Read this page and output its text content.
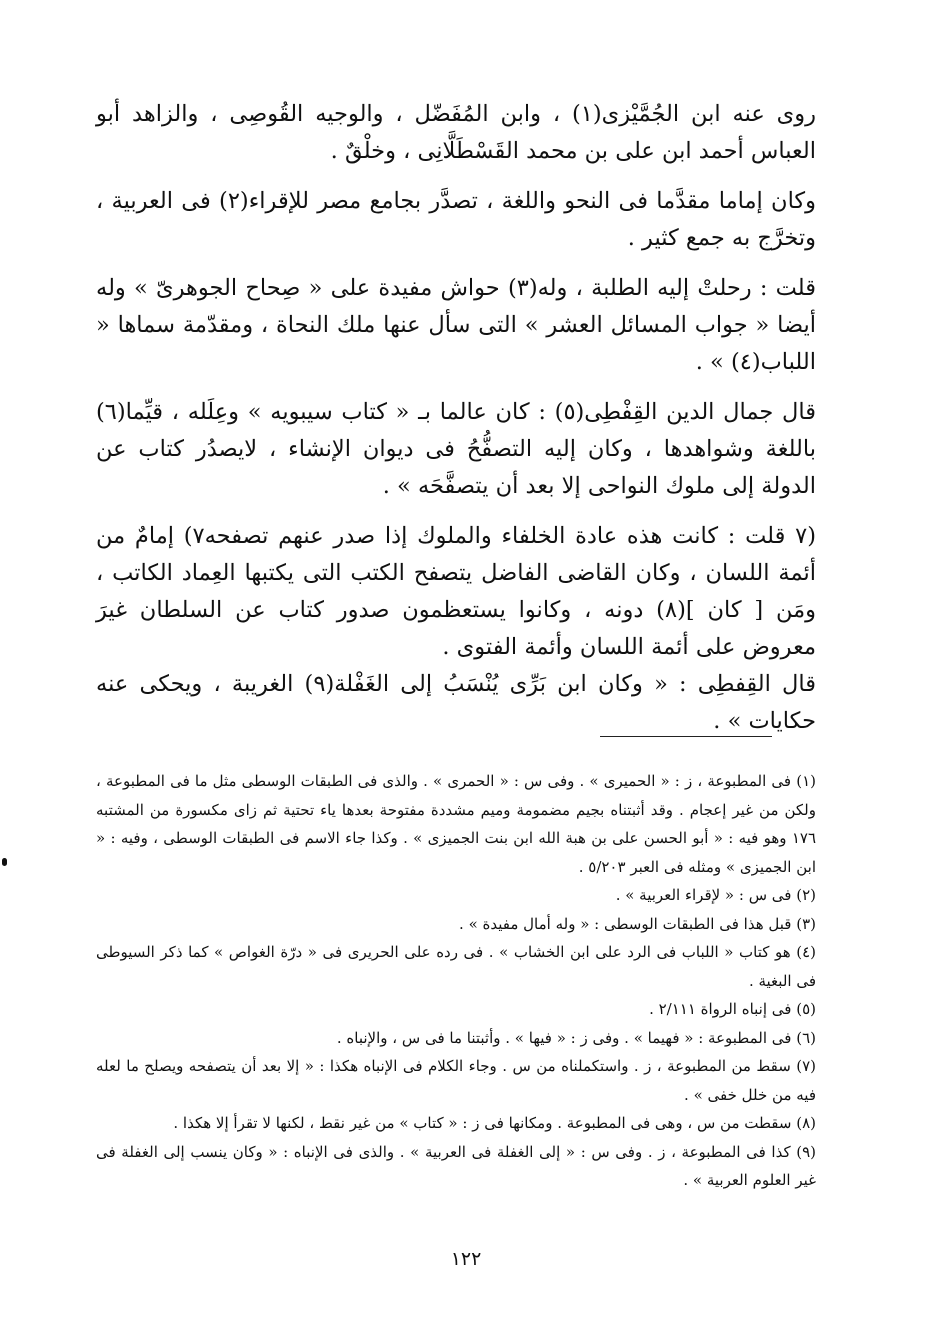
روى عنه ابن الجُمَّيْزى(١) ، وابن المُفَضّل ، والوجيه القُوصِى ، والزاهد أبو العباس أحمد ابن على بن محمد القَسْطَلَّانِى ، وخلْقٌ .

وكان إماما مقدَّما فى النحو واللغة ، تصدَّر بجامع مصر للإقراء(٢) فى العربية ، وتخرَّج به جمع كثير .

قلت : رحلتْ إليه الطلبة ، وله(٣) حواش مفيدة على « صِحاح الجوهرىّ » وله أيضا « جواب المسائل العشر » التى سأل عنها ملك النحاة ، ومقدّمة سماها « اللباب(٤) » .

قال جمال الدين القِفْطِى(٥) : كان عالما بـ « كتاب سيبويه » وعِلَله ، قيِّما(٦) باللغة وشواهدها ، وكان إليه التصفُّحُ فى ديوان الإنشاء ، لايصدُر كتاب عن الدولة إلى ملوك النواحى إلا بعد أن يتصفَّحَه » .

(٧ قلت : كانت هذه عادة الخلفاء والملوك إذا صدر عنهم تصفحه٧) إمامٌ من أئمة اللسان ، وكان القاضى الفاضل يتصفح الكتب التى يكتبها العِماد الكاتب ، ومَن [ كان ](٨) دونه ، وكانوا يستعظمون صدور كتاب عن السلطان غيرَ معروض على أئمة اللسان وأئمة الفتوى .

قال القِفطِى : « وكان ابن بَرِّى يُنْسَبُ إلى الغَفْلة(٩) الغريبة ، ويحكى عنه حكايات » .

(١) فى المطبوعة ، ز : « الحميرى » . وفى س : « الحمرى » . والذى فى الطبقات الوسطى مثل ما فى المطبوعة ، ولكن من غير إعجام . وقد أثبتناه بجيم مضمومة وميم مشددة مفتوحة بعدها ياء تحتية ثم زاى مكسورة من المشتبه ١٧٦ وهو فيه : « أبو الحسن على بن هبة الله ابن بنت الجميزى » . وكذا جاء الاسم فى الطبقات الوسطى ، وفيه : « ابن الجميزى » ومثله فى العبر ٥/٢٠٣ .

(٢) فى س : « لإقراء العربية » .

(٣) قبل هذا فى الطبقات الوسطى : « وله أمال مفيدة » .

(٤) هو كتاب « اللباب فى الرد على ابن الخشاب » . فى رده على الحريرى فى « درّة الغواص » كما ذكر السيوطى فى البغية .

(٥) فى إنباه الرواة ٢/١١١ .

(٦) فى المطبوعة : « فهيما » . وفى ز : « فيها » . وأثبتنا ما فى س ، والإنباه .

(٧) سقط من المطبوعة ، ز . واستكملناه من س . وجاء الكلام فى الإنباه هكذا : « إلا بعد أن يتصفحه ويصلح ما لعله فيه من خلل خفى » .

(٨) سقطت من س ، وهى فى المطبوعة . ومكانها فى ز : « كتاب » من غير نقط ، لكنها لا تقرأ إلا هكذا .

(٩) كذا فى المطبوعة ، ز . وفى س : « إلى الغفلة فى العربية » . والذى فى الإنباه : « وكان ينسب إلى الغفلة فى غير العلوم العربية » .

١٢٢
